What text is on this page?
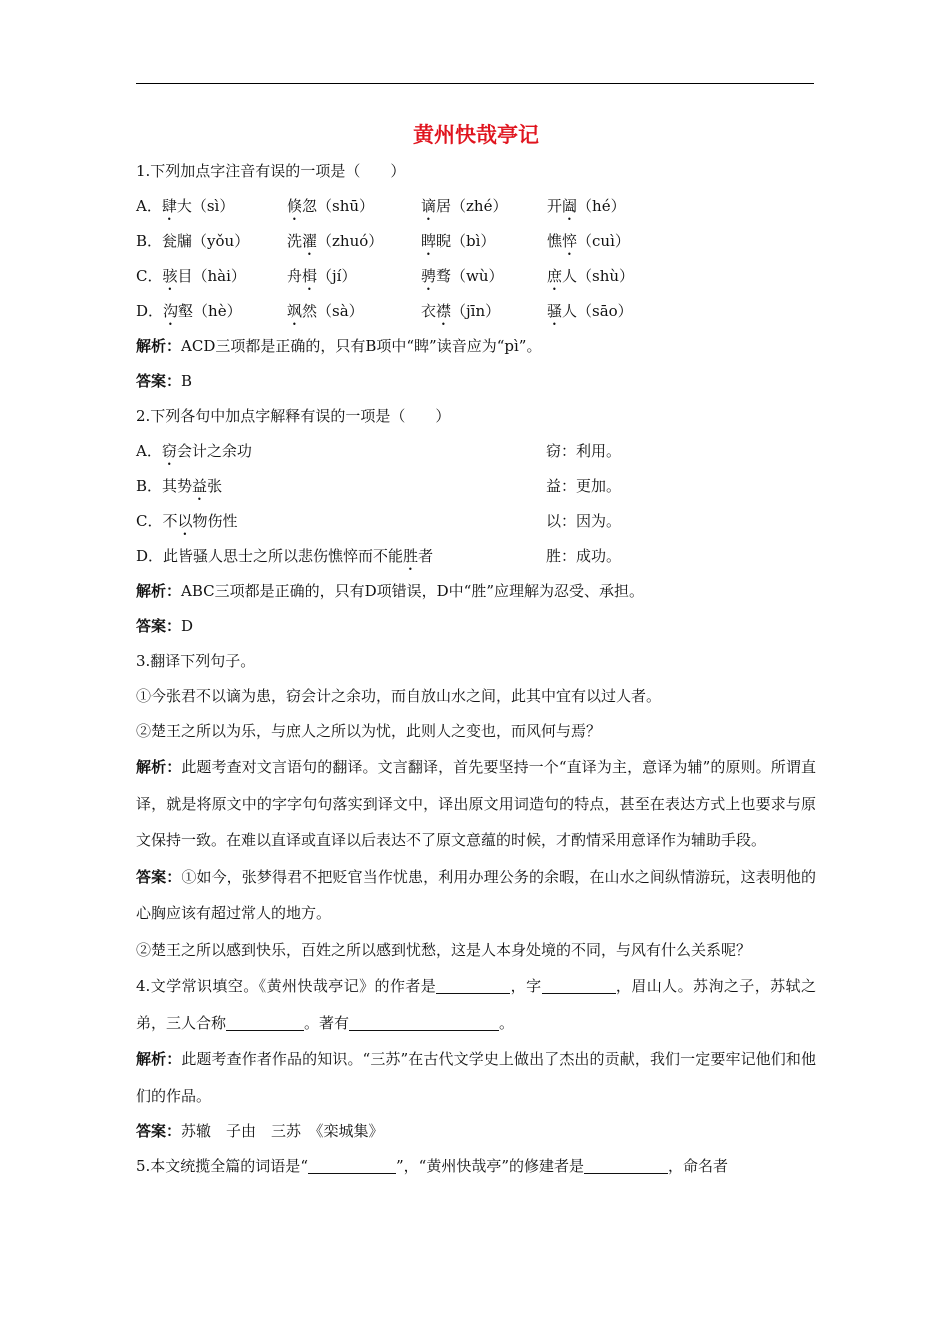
黄州快哉亭记
1.下列加点字注音有误的一项是（　　）
A．肆大（sì）	倏忽（shū）	谪居（zhé）	开阖（hé）
B．瓮牖（yǒu）	洗濯（zhuó）	睥睨（bì）	憔悴（cuì）
C．骇目（hài）	舟楫（jí）	骋骛（wù）	庶人（shù）
D．沟壑（hè）	飒然（sà）	衣襟（jīn）	骚人（sāo）
解析：ACD三项都是正确的，只有B项中“睥”读音应为“pì”。
答案：B
2.下列各句中加点字解释有误的一项是（　　）
A．窃会计之余功	窃：利用。
B．其势益张	益：更加。
C．不以物伤性	以：因为。
D．此皆骚人思士之所以悲伤憔悴而不能胜者	胜：成功。
解析：ABC三项都是正确的，只有D项错误，D中“胜”应理解为忍受、承担。
答案：D
3.翻译下列句子。
①今张君不以谪为患，窃会计之余功，而自放山水之间，此其中宜有以过人者。
②楚王之所以为乐，与庶人之所以为忧，此则人之变也，而风何与焉？
解析：此题考查对文言语句的翻译。文言翻译，首先要坚持一个“直译为主，意译为辅”的原则。所谓直译，就是将原文中的字字句句落实到译文中，译出原文用词造句的特点，甚至在表达方式上也要求与原文保持一致。在难以直译或直译以后表达不了原文意蕴的时候，才酌情采用意译作为辅助手段。
答案：①如今，张梦得君不把贬官当作忧患，利用办理公务的余暇，在山水之间纵情游玩，这表明他的心胸应该有超过常人的地方。
②楚王之所以感到快乐，百姓之所以感到忧愁，这是人本身处境的不同，与风有什么关系呢？
4.文学常识填空。《黄州快哉亭记》的作者是	，字	，眉山人。苏洵之子，苏轼之弟，三人合称	。著有	。
解析：此题考查作者作品的知识。“三苏”在古代文学史上做出了杰出的贡献，我们一定要牢记他们和他们的作品。
答案：苏辙　子由　三苏　《栾城集》
5.本文统揽全篇的词语是“	”，“黄州快哉亭”的修建者是	，命名者
